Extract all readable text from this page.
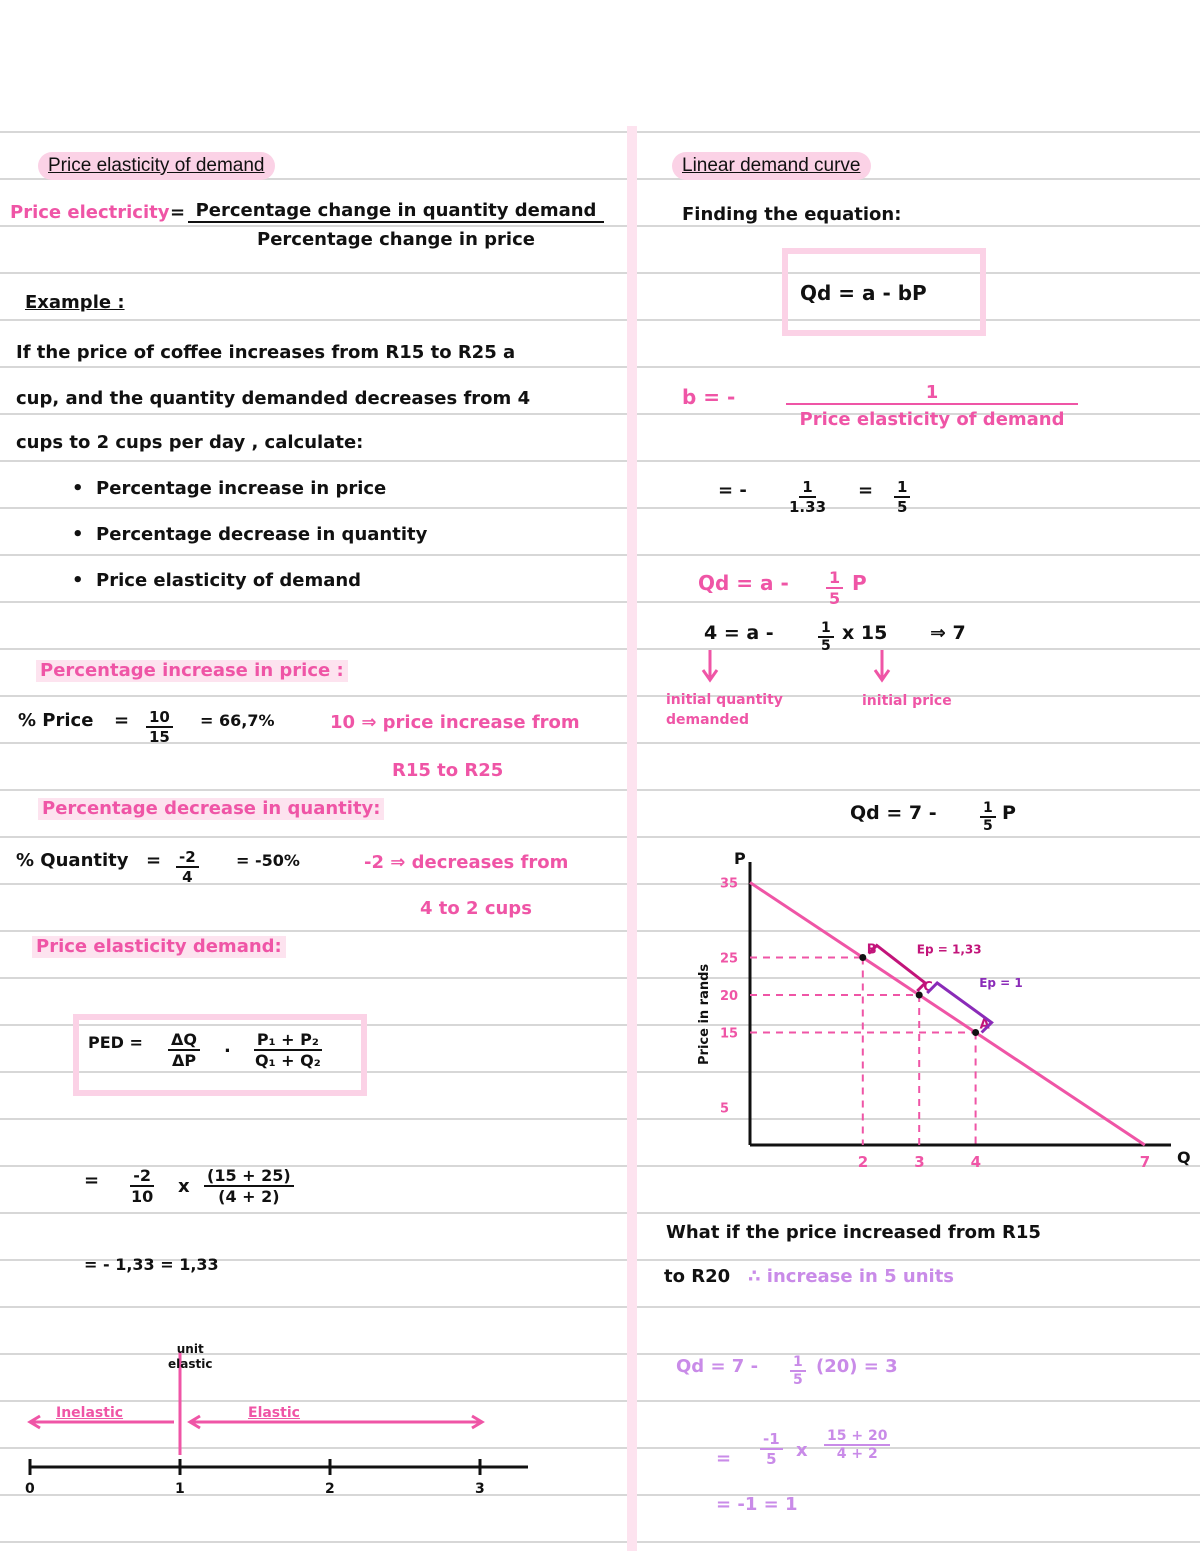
Price elasticity of demand
Price electricity = Percentage change in quantity demand
Percentage change in price
Example :
If the price of coffee increases from R15 to R25 a
cup, and the quantity demanded decreases from 4
cups to 2 cups per day , calculate:
•  Percentage increase in price
•  Percentage decrease in quantity
•  Price elasticity of demand
Percentage increase in price :
% Price = $\frac{10}{15} = 66,7\%$	10 ⇒ price increase from
R15 to R25
Percentage decrease in quantity:
% Quantity = $\frac{-2}{4} = -50\%$	-2 ⇒ decreases from
4 to 2 cups
Price elasticity demand:
PED = $\frac{\Delta Q}{\Delta P}$ . $\frac{\text{P₁ + P₂}}{\text{Q₁ + Q₂}}$
= $\frac{-2}{10}$ x $\frac{(15 + 25)}{(4 + 2)}$
= - 1,33 = 1,33
unit
elastic
Inelastic	Elastic
0	1	2	3
Linear demand curve
Finding the equation:
Qd = a - bP
b = -	1
Price elasticity of demand
= -	$\frac{1}{1.33} = \frac{1}{5}$
$Qd = a - \frac{1}{5}$ P
4 = a -	$\frac{1}{5}$ x 15 ⇒ 7
initial quantity
demanded
initial price
Qd = 7 -	$\frac{1}{5}$ P
Q
P
Price in rands
B
C
A
35
25
20
15
5
2	3	4	7
Ep = 1,33
Ep = 1
What if the price increased from R15
to R20 ∴ increase in 5 units
$Qd = 7 - \frac{1}{5} (20) = 3$
= $\frac{-1}{5}$ x $\frac{15 + 20}{4 + 2}$
= -1 = 1
